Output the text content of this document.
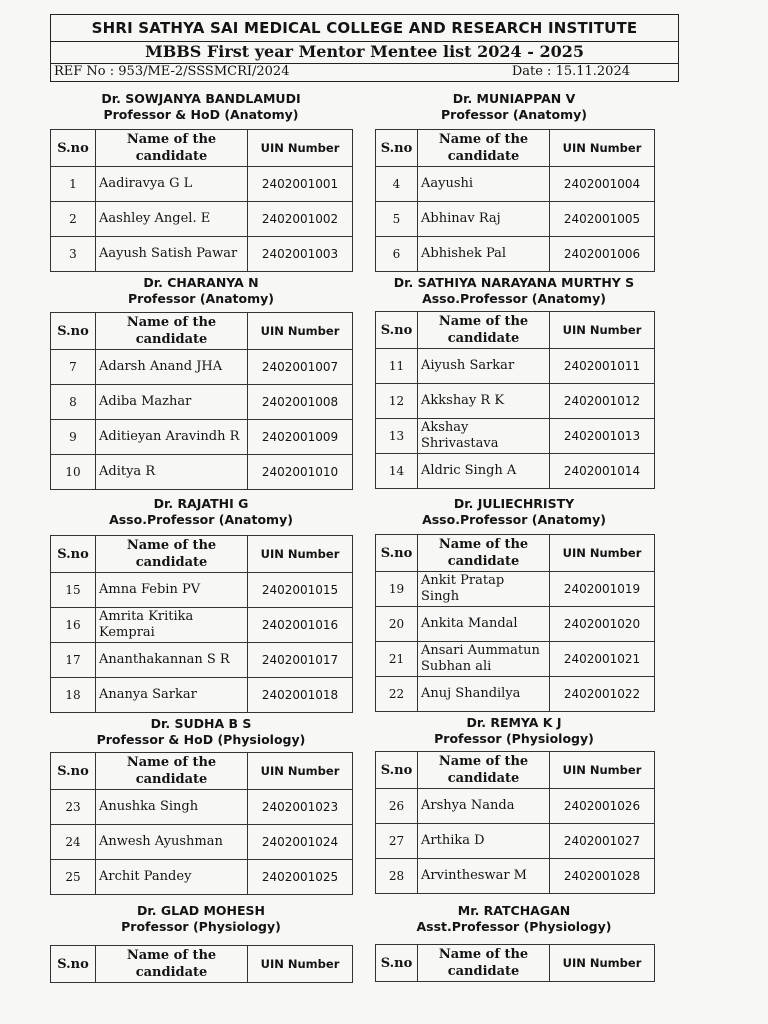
SHRI SATHYA SAI MEDICAL COLLEGE AND RESEARCH INSTITUTE
MBBS First year Mentor Mentee list 2024 - 2025
REF No : 953/ME-2/SSSMCRI/2024	Date : 15.11.2024
Dr. SOWJANYA BANDLAMUDI
Professor & HoD (Anatomy)
S.no	Name of the candidate	UIN Number
1	Aadiravya G L	2402001001
2	Aashley Angel. E	2402001002
3	Aayush Satish Pawar	2402001003
Dr. MUNIAPPAN V
Professor (Anatomy)
S.no	Name of the candidate	UIN Number
4	Aayushi	2402001004
5	Abhinav Raj	2402001005
6	Abhishek Pal	2402001006
Dr. CHARANYA N
Professor (Anatomy)
S.no	Name of the candidate	UIN Number
7	Adarsh Anand JHA	2402001007
8	Adiba Mazhar	2402001008
9	Aditieyan Aravindh R	2402001009
10	Aditya R	2402001010
Dr. SATHIYA NARAYANA MURTHY S
Asso.Professor (Anatomy)
S.no	Name of the candidate	UIN Number
11	Aiyush Sarkar	2402001011
12	Akkshay R K	2402001012
13	Akshay Shrivastava	2402001013
14	Aldric Singh A	2402001014
Dr. RAJATHI G
Asso.Professor (Anatomy)
S.no	Name of the candidate	UIN Number
15	Amna Febin PV	2402001015
16	Amrita Kritika Kemprai	2402001016
17	Ananthakannan S R	2402001017
18	Ananya Sarkar	2402001018
Dr. JULIECHRISTY
Asso.Professor (Anatomy)
S.no	Name of the candidate	UIN Number
19	Ankit Pratap Singh	2402001019
20	Ankita Mandal	2402001020
21	Ansari Aummatun Subhan ali	2402001021
22	Anuj Shandilya	2402001022
Dr. SUDHA B S
Professor & HoD (Physiology)
S.no	Name of the candidate	UIN Number
23	Anushka Singh	2402001023
24	Anwesh Ayushman	2402001024
25	Archit Pandey	2402001025
Dr. REMYA K J
Professor (Physiology)
S.no	Name of the candidate	UIN Number
26	Arshya Nanda	2402001026
27	Arthika D	2402001027
28	Arvintheswar M	2402001028
Dr. GLAD MOHESH
Professor (Physiology)
S.no	Name of the candidate	UIN Number
Mr. RATCHAGAN
Asst.Professor (Physiology)
S.no	Name of the candidate	UIN Number
